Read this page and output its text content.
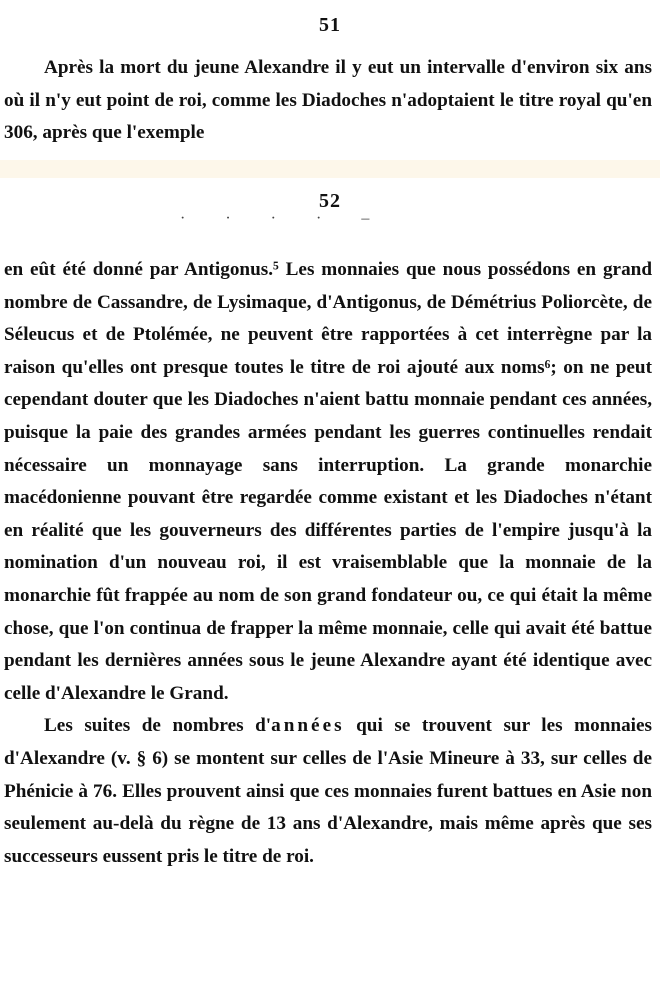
51

Après la mort du jeune Alexandre il y eut un intervalle d'environ six ans où il n'y eut point de roi, comme les Diadoches n'adoptaient le titre royal qu'en 306, après que l'exemple

52
· · · · –

en eût été donné par Antigonus.⁵ Les monnaies que nous possédons en grand nombre de Cassandre, de Lysimaque, d'Antigonus, de Démétrius Poliorcète, de Séleucus et de Ptolémée, ne peuvent être rapportées à cet interrègne par la raison qu'elles ont presque toutes le titre de roi ajouté aux noms⁶; on ne peut cependant douter que les Diadoches n'aient battu monnaie pendant ces années, puisque la paie des grandes armées pendant les guerres continuelles rendait nécessaire un monnayage sans interruption. La grande monarchie macédonienne pouvant être regardée comme existant et les Diadoches n'étant en réalité que les gouverneurs des différentes parties de l'empire jusqu'à la nomination d'un nouveau roi, il est vraisemblable que la monnaie de la monarchie fût frappée au nom de son grand fondateur ou, ce qui était la même chose, que l'on continua de frapper la même monnaie, celle qui avait été battue pendant les dernières années sous le jeune Alexandre ayant été identique avec celle d'Alexandre le Grand.

Les suites de nombres d'années qui se trouvent sur les monnaies d'Alexandre (v. § 6) se montent sur celles de l'Asie Mineure à 33, sur celles de Phénicie à 76. Elles prouvent ainsi que ces monnaies furent battues en Asie non seulement au-delà du règne de 13 ans d'Alexandre, mais même après que ses successeurs eussent pris le titre de roi.
